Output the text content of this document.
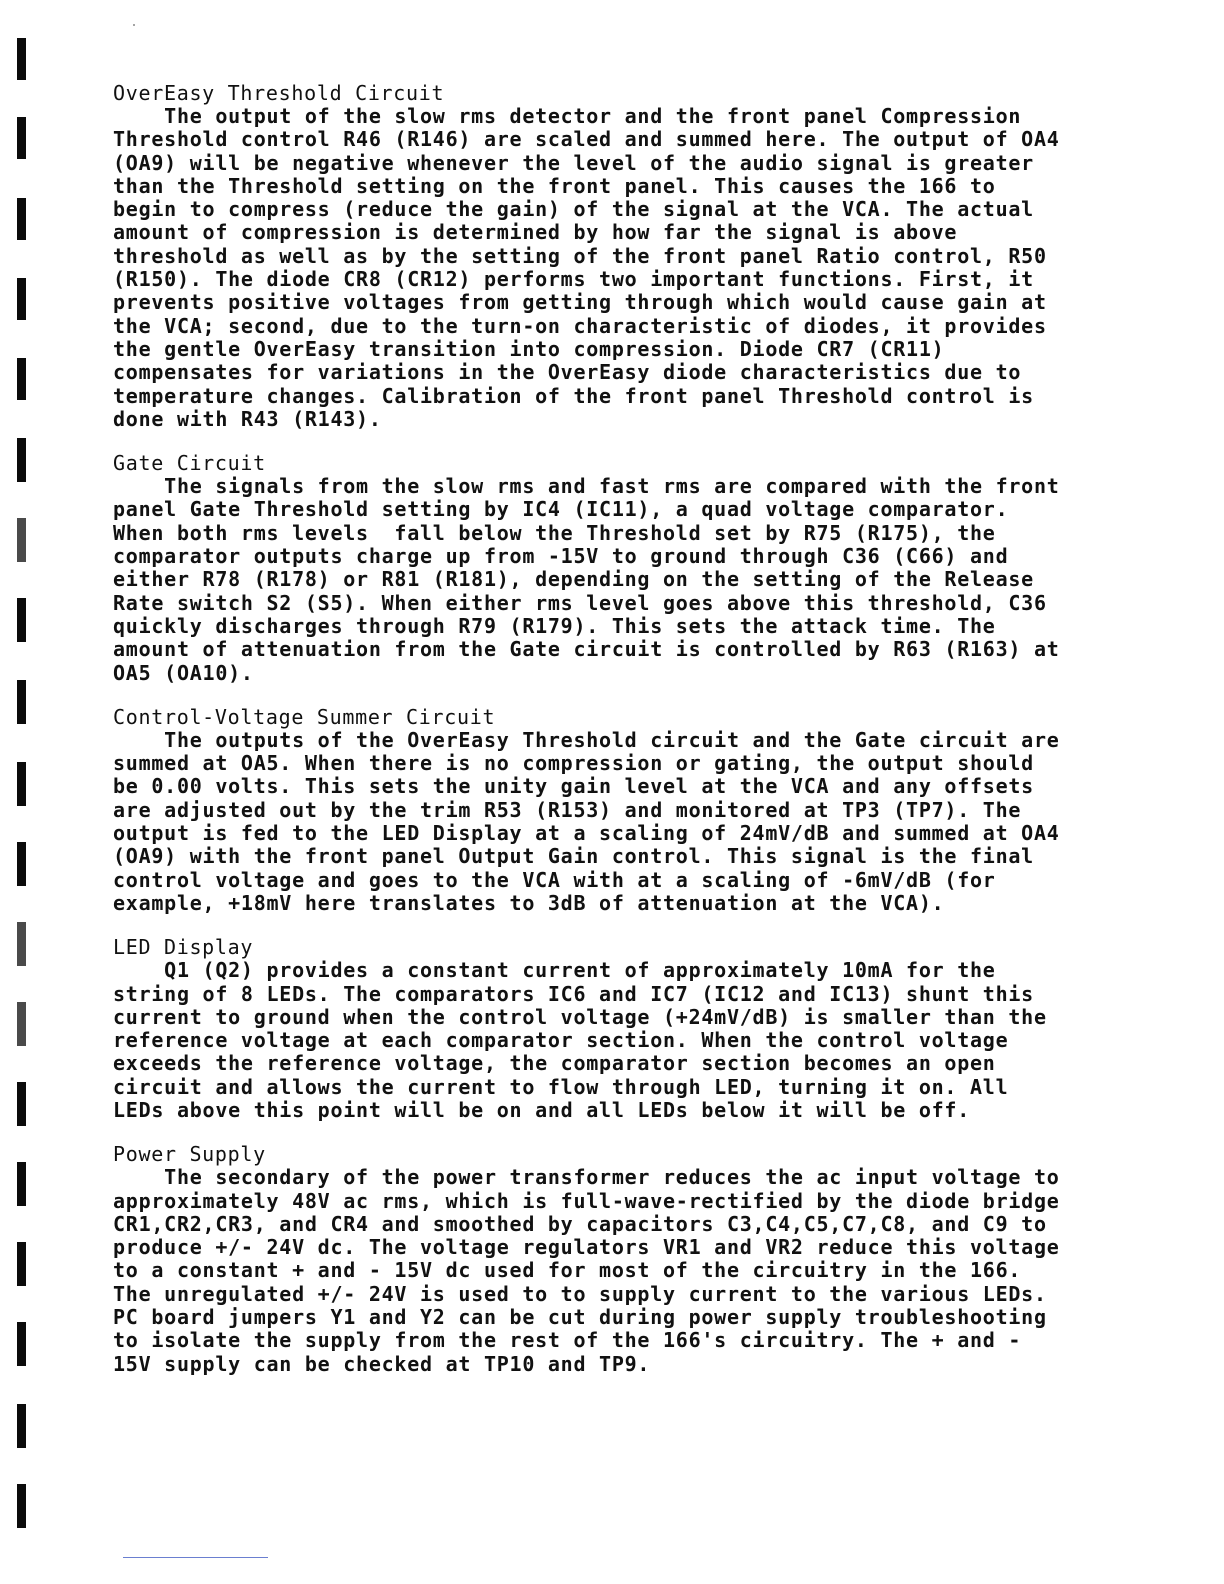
OverEasy Threshold Circuit
The output of the slow rms detector and the front panel Compression
Threshold control R46 (R146) are scaled and summed here. The output of OA4
(OA9) will be negative whenever the level of the audio signal is greater
than the Threshold setting on the front panel. This causes the 166 to
begin to compress (reduce the gain) of the signal at the VCA. The actual
amount of compression is determined by how far the signal is above
threshold as well as by the setting of the front panel Ratio control, R50
(R150). The diode CR8 (CR12) performs two important functions. First, it
prevents positive voltages from getting through which would cause gain at
the VCA; second, due to the turn-on characteristic of diodes, it provides
the gentle OverEasy transition into compression. Diode CR7 (CR11)
compensates for variations in the OverEasy diode characteristics due to
temperature changes. Calibration of the front panel Threshold control is
done with R43 (R143).
Gate Circuit
The signals from the slow rms and fast rms are compared with the front
panel Gate Threshold setting by IC4 (IC11), a quad voltage comparator.
When both rms levels  fall below the Threshold set by R75 (R175), the
comparator outputs charge up from -15V to ground through C36 (C66) and
either R78 (R178) or R81 (R181), depending on the setting of the Release
Rate switch S2 (S5). When either rms level goes above this threshold, C36
quickly discharges through R79 (R179). This sets the attack time. The
amount of attenuation from the Gate circuit is controlled by R63 (R163) at
OA5 (OA10).
Control-Voltage Summer Circuit
The outputs of the OverEasy Threshold circuit and the Gate circuit are
summed at OA5. When there is no compression or gating, the output should
be 0.00 volts. This sets the unity gain level at the VCA and any offsets
are adjusted out by the trim R53 (R153) and monitored at TP3 (TP7). The
output is fed to the LED Display at a scaling of 24mV/dB and summed at OA4
(OA9) with the front panel Output Gain control. This signal is the final
control voltage and goes to the VCA with at a scaling of -6mV/dB (for
example, +18mV here translates to 3dB of attenuation at the VCA).
LED Display
Q1 (Q2) provides a constant current of approximately 10mA for the
string of 8 LEDs. The comparators IC6 and IC7 (IC12 and IC13) shunt this
current to ground when the control voltage (+24mV/dB) is smaller than the
reference voltage at each comparator section. When the control voltage
exceeds the reference voltage, the comparator section becomes an open
circuit and allows the current to flow through LED, turning it on. All
LEDs above this point will be on and all LEDs below it will be off.
Power Supply
The secondary of the power transformer reduces the ac input voltage to
approximately 48V ac rms, which is full-wave-rectified by the diode bridge
CR1,CR2,CR3, and CR4 and smoothed by capacitors C3,C4,C5,C7,C8, and C9 to
produce +/- 24V dc. The voltage regulators VR1 and VR2 reduce this voltage
to a constant + and - 15V dc used for most of the circuitry in the 166.
The unregulated +/- 24V is used to to supply current to the various LEDs.
PC board jumpers Y1 and Y2 can be cut during power supply troubleshooting
to isolate the supply from the rest of the 166's circuitry. The + and -
15V supply can be checked at TP10 and TP9.
